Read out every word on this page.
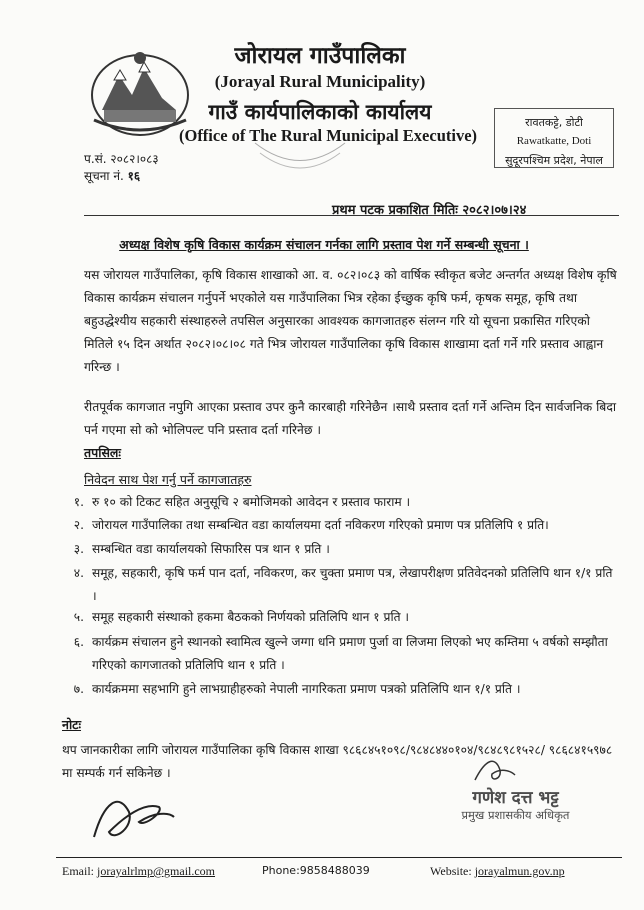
जोरायल गाउँपालिका
(Jorayal Rural Municipality)
गाउँ कार्यपालिकाको कार्यालय
(Office of The Rural Municipal Executive)
रावतकट्टे, डोटी
Rawatkatte, Doti
सुदूरपश्चिम प्रदेश, नेपाल
प.सं. २०८२।०८३
सूचना नं. १६
प्रथम पटक प्रकाशित मितिः २०८२।०७।२४
अध्यक्ष विशेष कृषि विकास कार्यक्रम संचालन गर्नका लागि प्रस्ताव पेश गर्ने सम्बन्धी सूचना ।
यस जोरायल गाउँपालिका, कृषि विकास शाखाको आ. व. ०८२।०८३ को वार्षिक स्वीकृत बजेट अन्तर्गत अध्यक्ष विशेष कृषि विकास कार्यक्रम संचालन गर्नुपर्ने भएकोले यस गाउँपालिका भित्र रहेका ईच्छुक कृषि फर्म, कृषक समूह, कृषि तथा बहुउद्धेश्यीय सहकारी संस्थाहरुले तपसिल अनुसारका आवश्यक कागजातहरु संलग्न गरि यो सूचना प्रकासित गरिएको मितिले १५ दिन अर्थात २०८२।०८।०८ गते भित्र जोरायल गाउँपालिका कृषि विकास शाखामा दर्ता गर्ने गरि प्रस्ताव आह्वान गरिन्छ ।
रीतपूर्वक कागजात नपुगि आएका प्रस्ताव उपर कुनै कारबाही गरिनेछैन ।साथै प्रस्ताव दर्ता गर्ने अन्तिम दिन सार्वजनिक बिदा पर्न गएमा सो को भोलिपल्ट पनि प्रस्ताव दर्ता गरिनेछ ।
तपसिलः
निवेदन साथ पेश गर्नु पर्ने कागजातहरु
१. रु १० को टिकट सहित अनुसूचि २ बमोजिमको आवेदन र प्रस्ताव फाराम ।
२. जोरायल गाउँपालिका तथा सम्बन्धित वडा कार्यालयमा दर्ता नविकरण गरिएको प्रमाण पत्र प्रतिलिपि १ प्रति।
३. सम्बन्धित वडा कार्यालयको सिफारिस पत्र थान १ प्रति ।
४. समूह, सहकारी, कृषि फर्म पान दर्ता, नविकरण, कर चुक्ता प्रमाण पत्र, लेखापरीक्षण प्रतिवेदनको प्रतिलिपि थान १/१ प्रति ।
५. समूह सहकारी संस्थाको हकमा बैठकको निर्णयको प्रतिलिपि थान १ प्रति ।
६. कार्यक्रम संचालन हुने स्थानको स्वामित्व खुल्ने जग्गा धनि प्रमाण पुर्जा वा लिजमा लिएको भए कम्तिमा ५ वर्षको सम्झौता गरिएको कागजातको प्रतिलिपि थान १ प्रति ।
७. कार्यक्रममा सहभागि हुने लाभग्राहीहरुको नेपाली नागरिकता प्रमाण पत्रको प्रतिलिपि थान १/१ प्रति ।
नोटः
थप जानकारीका लागि जोरायल गाउँपालिका कृषि विकास शाखा ९८६८४५१०९८/९८४८४४०१०४/९८४८९८१५२८/ ९८६८४१५९७८ मा सम्पर्क गर्न सकिनेछ ।
गणेश दत्त भट्ट
प्रमुख प्रशासकीय अधिकृत
Email: jorayalrlmp@gmail.com	Phone:9858488039	Website: jorayalmun.gov.np
